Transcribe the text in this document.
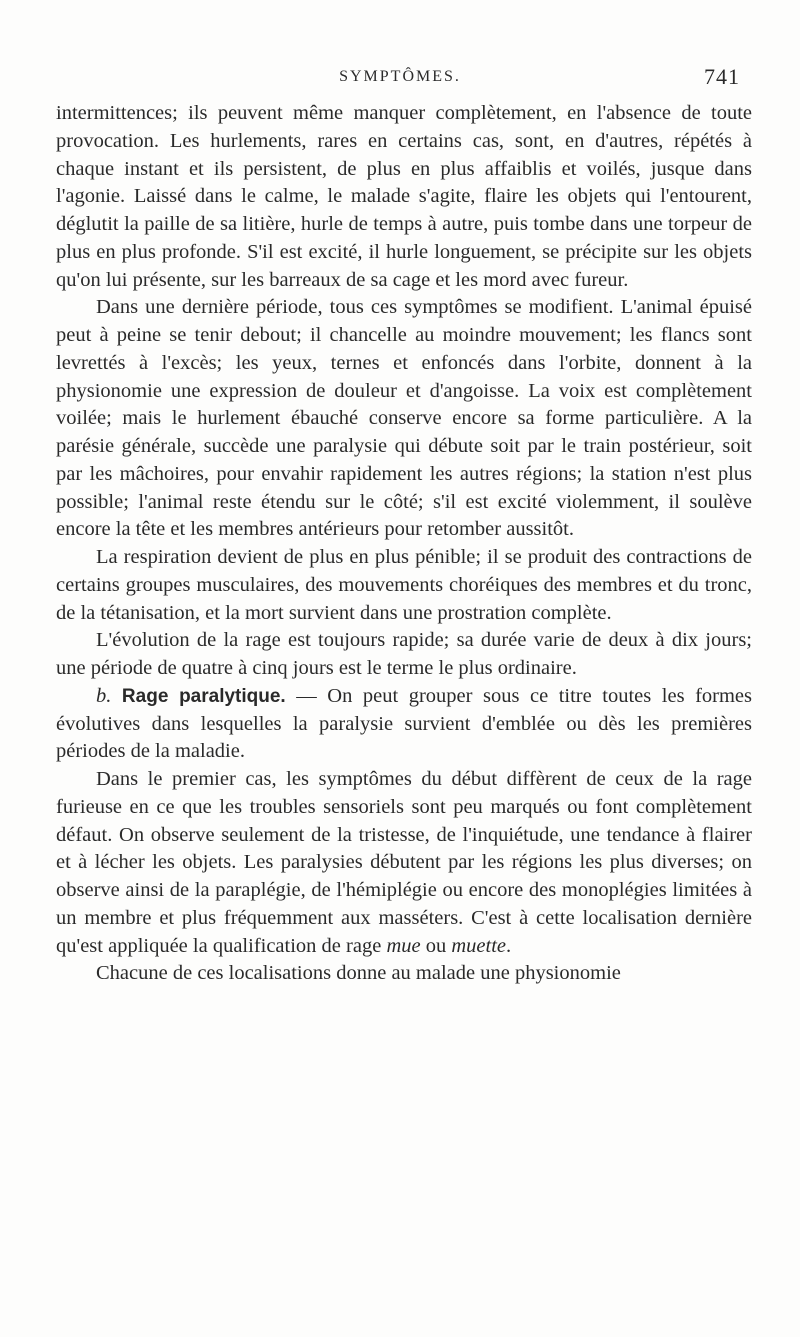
SYMPTÔMES.	741

intermittences; ils peuvent même manquer complètement, en l'absence de toute provocation. Les hurlements, rares en certains cas, sont, en d'autres, répétés à chaque instant et ils persistent, de plus en plus affaiblis et voilés, jusque dans l'agonie. Laissé dans le calme, le malade s'agite, flaire les objets qui l'entourent, déglutit la paille de sa litière, hurle de temps à autre, puis tombe dans une torpeur de plus en plus profonde. S'il est excité, il hurle longuement, se précipite sur les objets qu'on lui présente, sur les barreaux de sa cage et les mord avec fureur.

Dans une dernière période, tous ces symptômes se modifient. L'animal épuisé peut à peine se tenir debout; il chancelle au moindre mouvement; les flancs sont levrettés à l'excès; les yeux, ternes et enfoncés dans l'orbite, donnent à la physionomie une expression de douleur et d'angoisse. La voix est complètement voilée; mais le hurlement ébauché conserve encore sa forme particulière. A la parésie générale, succède une paralysie qui débute soit par le train postérieur, soit par les mâchoires, pour envahir rapidement les autres régions; la station n'est plus possible; l'animal reste étendu sur le côté; s'il est excité violemment, il soulève encore la tête et les membres antérieurs pour retomber aussitôt.

La respiration devient de plus en plus pénible; il se produit des contractions de certains groupes musculaires, des mouvements choréiques des membres et du tronc, de la tétanisation, et la mort survient dans une prostration complète.

L'évolution de la rage est toujours rapide; sa durée varie de deux à dix jours; une période de quatre à cinq jours est le terme le plus ordinaire.

b. Rage paralytique. — On peut grouper sous ce titre toutes les formes évolutives dans lesquelles la paralysie survient d'emblée ou dès les premières périodes de la maladie.

Dans le premier cas, les symptômes du début diffèrent de ceux de la rage furieuse en ce que les troubles sensoriels sont peu marqués ou font complètement défaut. On observe seulement de la tristesse, de l'inquiétude, une tendance à flairer et à lécher les objets. Les paralysies débutent par les régions les plus diverses; on observe ainsi de la paraplégie, de l'hémiplégie ou encore des monoplégies limitées à un membre et plus fréquemment aux masséters. C'est à cette localisation dernière qu'est appliquée la qualification de rage mue ou muette.

Chacune de ces localisations donne au malade une physionomie
